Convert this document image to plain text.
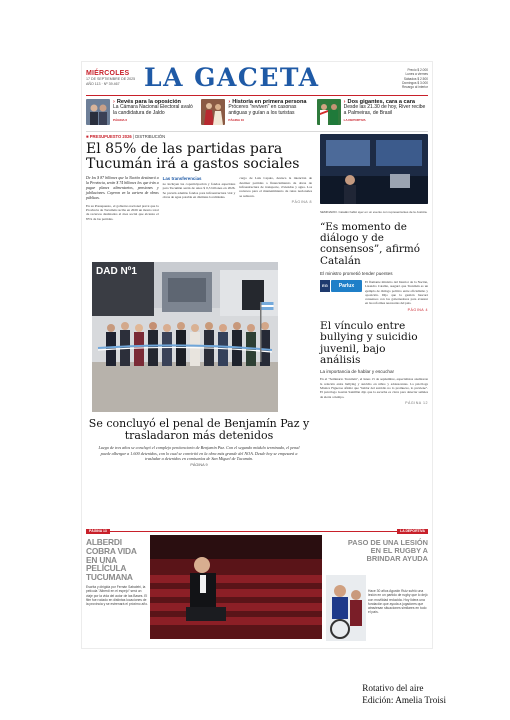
MIÉRCOLES
17 DE SEPTIEMBRE DE 2025
AÑO 113 · Nº 39.467 LA GACETA	Precio $ 2.000
Lunes a viernes
Sábados $ 2.500
Domingos $ 3.000
Recargo al interior
› Revés para la oposición
La Cámara Nacional Electoral avaló la candidatura de Jaldo
PÁGINA 6
› Historia en primera persona
Próceres "reviven" en casonas antiguas y guían a los turistas
PÁGINA 10
› Dos gigantes, cara a cara
Desde las 21.30 de hoy, River recibe a Palmeiras, de Brasil
LA DEPORTIVA
■ PRESUPUESTO 2026 | DISTRIBUCIÓN
El 85% de las partidas para Tucumán irá a gastos sociales
De los $ 87 billones que la Nación destinará a la Provincia, serán $ 74 billones los que irán a pagar planes alimentarios, pensiones y jubilaciones. Cayeron en la cartera de obras públicas.
En su Presupuesto, el gobierno nacional prevé que la Provincia de Tucumán reciba en 2026 un monto total de recursos destinados al área social que alcanza el 85% de las partidas.
Las transferencias
no incluyen las coparticipación y fondos especiales para Tucumán serán de unos $ 0,3 billones en 2026. Se prevén además fondos para infraestructura vial y obras de agua potable en distintas localidades.
cargo de Luis Caputo, destaca la intención de destinar partidas a financiamiento de obras de infraestructura de transporte, viviendas y agua. Los recursos para el mantenimiento de rutas nacionales se reducen.
PÁGINA 8
DAD Nº1
Se concluyó el penal de Benjamín Paz y trasladaron más detenidos
Luego de tres años se concluyó el complejo penitenciario de Benjamín Paz. Con el segundo módulo terminado, el penal puede albergar a 1.600 detenidos, con lo cual se convirtió en la obra más grande del NOA. Desde hoy se empezará a trasladar a detenidos en comisarías de San Miguel de Tucumán.
PÁGINA 9
SEMINARIO. Catalán habló ayer en un evento con representantes de la Justicia.
“Es momento de diálogo y de consensos”, afirmó Catalán
El ministro prometió tender puentes
EG	Parlux
El flamante ministro del Interior de la Nación, Lisandro Catalán, aseguró que Tucumán es un ejemplo de diálogo político entre oficialismo y oposición. Dijo que la gestión buscará consensos con los gobernadores para avanzar en las reformas necesarias del país.
PÁGINA 4
El vínculo entre bullying y suicidio juvenil, bajo análisis
La importancia de hablar y escuchar
En el "Seminario Tucumán", el lunes 15 de septiembre, especialistas analizaron la relación entre bullying y suicidio en niños y adolescentes. La psicóloga Mónica Figueroa afirmó que "hablar del suicidio no lo promueve, lo previene". El psicólogo Gastón Santillán dijo que la escucha es clave para detectar señales de alerta a tiempo.
PÁGINA 12
PÁGINA 13	LA DEPORTIVA
ALBERDI COBRA VIDA EN UNA PELÍCULA TUCUMANA
Escrita y dirigida por Fernán Sabalehi, la película "Alberdi en el espejo" será un viaje por la vida del autor de las Bases. El film fue rodado en distintas locaciones de la provincia y se estrenará el próximo año.
PASO DE UNA LESIÓN EN EL RUGBY A BRINDAR AYUDA
Hace 30 años Agustín Ruiz sufrió una lesión en un partido de rugby que lo dejó con movilidad reducida. Hoy lidera una fundación que ayuda a jugadores que atraviesan situaciones similares en todo el país.
Rotativo del aire
Edición: Amelia Troisi
